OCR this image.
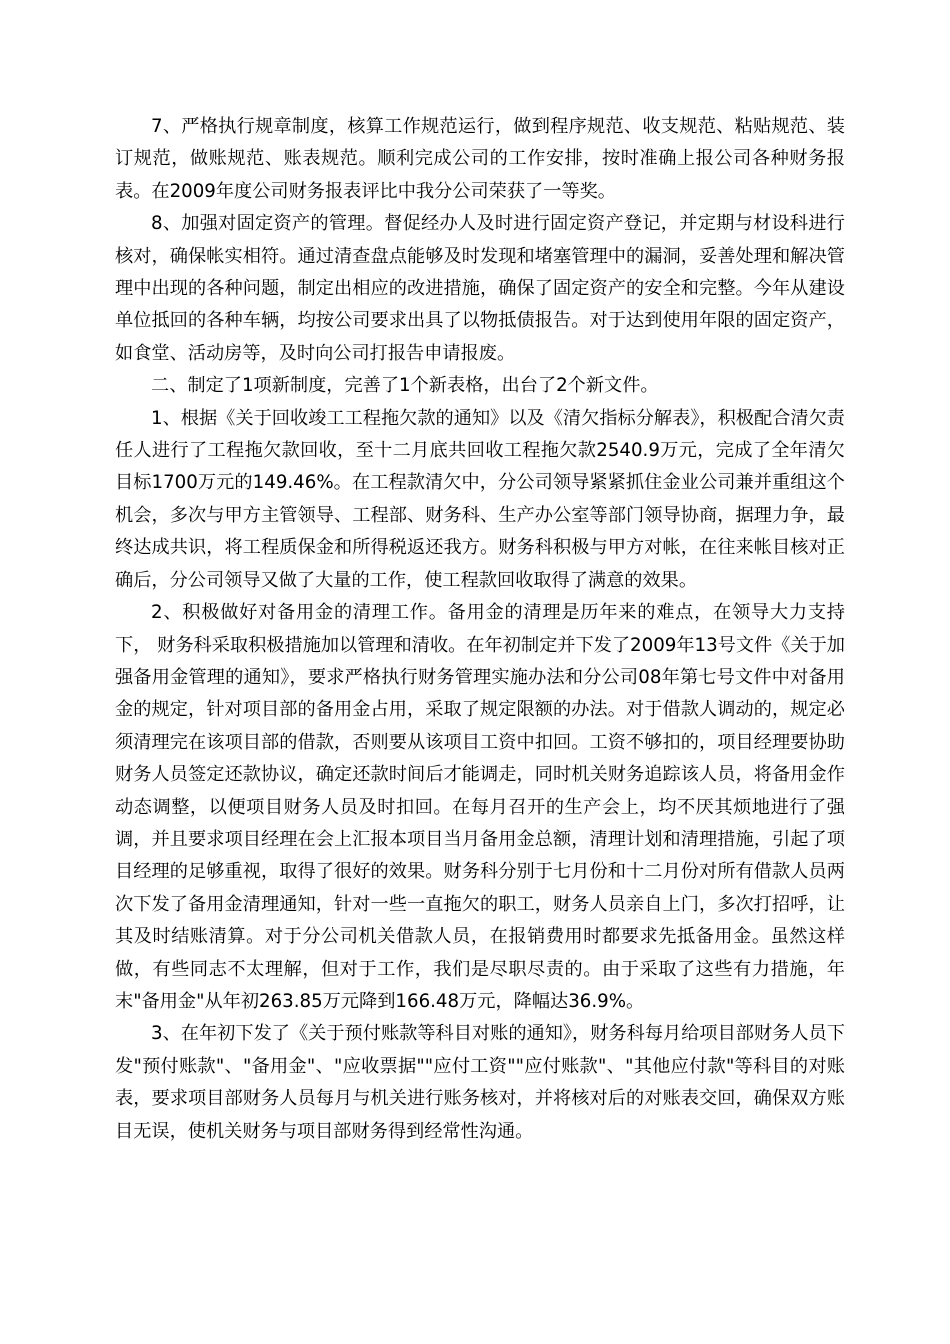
7、严格执行规章制度，核算工作规范运行，做到程序规范、收支规范、粘贴规范、装订规范，做账规范、账表规范。顺利完成公司的工作安排，按时准确上报公司各种财务报表。在2009年度公司财务报表评比中我分公司荣获了一等奖。

8、加强对固定资产的管理。督促经办人及时进行固定资产登记，并定期与材设科进行核对，确保帐实相符。通过清查盘点能够及时发现和堵塞管理中的漏洞，妥善处理和解决管理中出现的各种问题，制定出相应的改进措施，确保了固定资产的安全和完整。今年从建设单位抵回的各种车辆，均按公司要求出具了以物抵债报告。对于达到使用年限的固定资产，如食堂、活动房等，及时向公司打报告申请报废。

二、制定了1项新制度，完善了1个新表格，出台了2个新文件。

1、根据《关于回收竣工工程拖欠款的通知》以及《清欠指标分解表》，积极配合清欠责任人进行了工程拖欠款回收，至十二月底共回收工程拖欠款2540.9万元，完成了全年清欠目标1700万元的149.46%。在工程款清欠中，分公司领导紧紧抓住金业公司兼并重组这个机会，多次与甲方主管领导、工程部、财务科、生产办公室等部门领导协商，据理力争，最终达成共识，将工程质保金和所得税返还我方。财务科积极与甲方对帐，在往来帐目核对正确后，分公司领导又做了大量的工作，使工程款回收取得了满意的效果。

2、积极做好对备用金的清理工作。备用金的清理是历年来的难点，在领导大力支持下， 财务科采取积极措施加以管理和清收。在年初制定并下发了2009年13号文件《关于加强备用金管理的通知》，要求严格执行财务管理实施办法和分公司08年第七号文件中对备用金的规定，针对项目部的备用金占用，采取了规定限额的办法。对于借款人调动的，规定必须清理完在该项目部的借款，否则要从该项目工资中扣回。工资不够扣的，项目经理要协助财务人员签定还款协议，确定还款时间后才能调走，同时机关财务追踪该人员，将备用金作动态调整，以便项目财务人员及时扣回。在每月召开的生产会上，均不厌其烦地进行了强调，并且要求项目经理在会上汇报本项目当月备用金总额，清理计划和清理措施，引起了项目经理的足够重视，取得了很好的效果。财务科分别于七月份和十二月份对所有借款人员两次下发了备用金清理通知，针对一些一直拖欠的职工，财务人员亲自上门，多次打招呼，让其及时结账清算。对于分公司机关借款人员，在报销费用时都要求先抵备用金。虽然这样做，有些同志不太理解，但对于工作，我们是尽职尽责的。由于采取了这些有力措施，年末"备用金"从年初263.85万元降到166.48万元，降幅达36.9%。

3、在年初下发了《关于预付账款等科目对账的通知》，财务科每月给项目部财务人员下发"预付账款"、"备用金"、"应收票据""应付工资""应付账款"、"其他应付款"等科目的对账表，要求项目部财务人员每月与机关进行账务核对，并将核对后的对账表交回，确保双方账目无误，使机关财务与项目部财务得到经常性沟通。
